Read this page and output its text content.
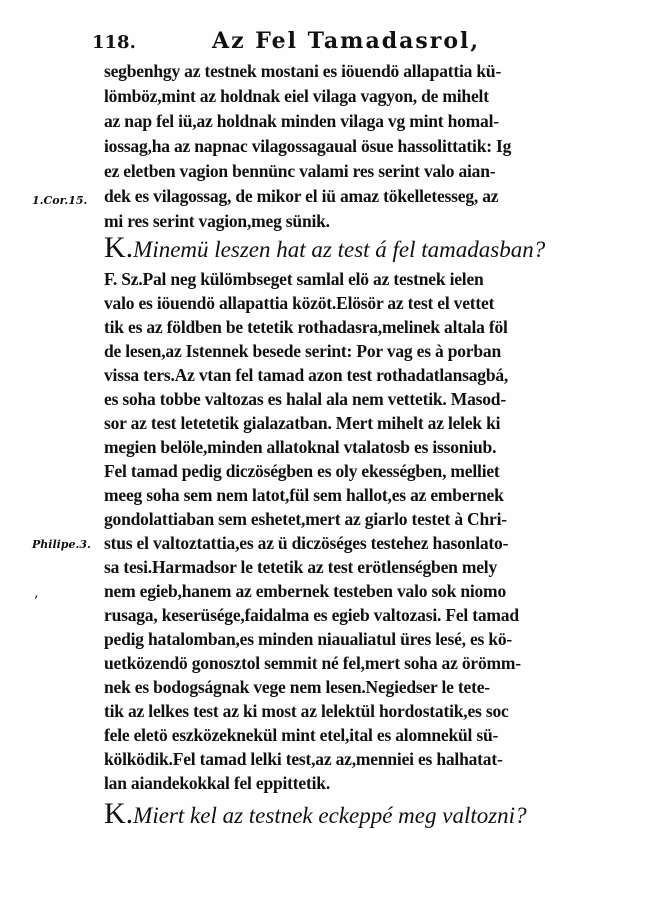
118.	Az Fel Tamadasrol,
1.Cor.15.
Philipe.3.
‚
segbenhgy az testnek mostani es iöuendö allapattia kü-
lömböz,mint az holdnak eiel vilaga vagyon, de mihelt
az nap fel iü,az holdnak minden vilaga vg mint homal-
iossag,ha az napnac vilagossagaual ösue hassolittatik: Ig
ez eletben vagion bennünc valami res serint valo aian-
dek es vilagossag, de mikor el iü amaz tökelletesseg, az
mi res serint vagion,meg sünik.
K.Minemü leszen hat az test á fel tamadasban?
F. Sz.Pal neg külömbseget samlal elö az testnek ielen
valo es iöuendö allapattia közöt.Elösör az test el vettet
tik es az földben be tetetik rothadasra,melinek altala föl
de lesen,az Istennek besede serint: Por vag es à porban
vissa ters.Az vtan fel tamad azon test rothadatlansagbá,
es soha tobbe valtozas es halal ala nem vettetik. Masod-
sor az test letetetik gialazatban. Mert mihelt az lelek ki
megien belöle,minden allatoknal vtalatosb es issoniub.
Fel tamad pedig diczöségben es oly ekességben, melliet
meeg soha sem nem latot,fül sem hallot,es az embernek
gondolattiaban sem eshetet,mert az giarlo testet à Chri-
stus el valtoztattia,es az ü diczöséges testehez hasonlato-
sa tesi.Harmadsor le tetetik az test erötlenségben mely
nem egieb,hanem az embernek testeben valo sok niomo
rusaga, keserüsége,faidalma es egieb valtozasi. Fel tamad
pedig hatalomban,es minden niaualiatul üres lesé, es kö-
uetközendö gonosztol semmit né fel,mert soha az örömm-
nek es bodogságnak vege nem lesen.Negiedser le tete-
tik az lelkes test az ki most az lelektül hordostatik,es soc
fele eletö eszközeknekül mint etel,ital es alomnekül sü-
kölködik.Fel tamad lelki test,az az,menniei es halhatat-
lan aiandekokkal fel eppittetik.
K.Miert kel az testnek eckeppé meg valtozni?
